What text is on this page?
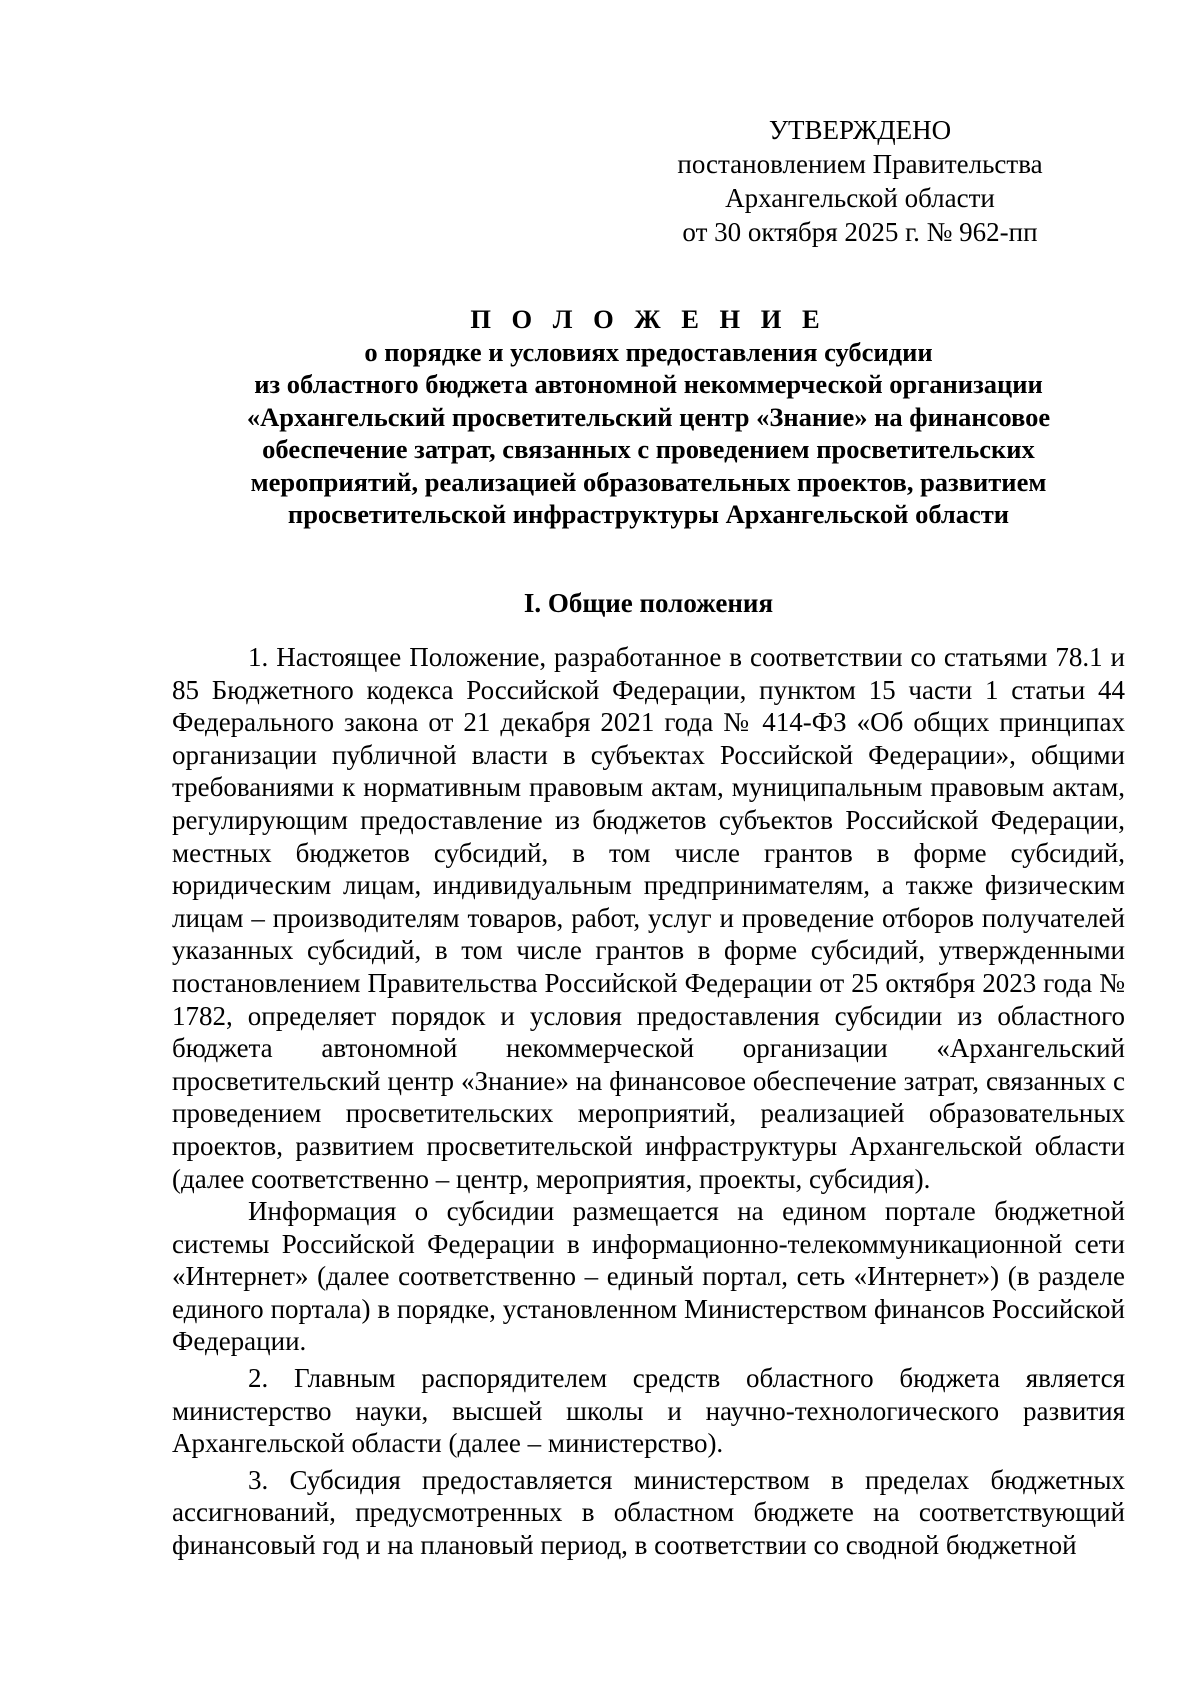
УТВЕРЖДЕНО
постановлением Правительства
Архангельской области
от 30 октября 2025 г. № 962-пп
П О Л О Ж Е Н И Е
о порядке и условиях предоставления субсидии
из областного бюджета автономной некоммерческой организации
«Архангельский просветительский центр «Знание» на финансовое
обеспечение затрат, связанных с проведением просветительских
мероприятий, реализацией образовательных проектов, развитием
просветительской инфраструктуры Архангельской области
I. Общие положения

1. Настоящее Положение, разработанное в соответствии со статьями 78.1 и 85 Бюджетного кодекса Российской Федерации, пунктом 15 части 1 статьи 44 Федерального закона от 21 декабря 2021 года № 414-ФЗ «Об общих принципах организации публичной власти в субъектах Российской Федерации», общими требованиями к нормативным правовым актам, муниципальным правовым актам, регулирующим предоставление из бюджетов субъектов Российской Федерации, местных бюджетов субсидий, в том числе грантов в форме субсидий, юридическим лицам, индивидуальным предпринимателям, а также физическим лицам – производителям товаров, работ, услуг и проведение отборов получателей указанных субсидий, в том числе грантов в форме субсидий, утвержденными постановлением Правительства Российской Федерации от 25 октября 2023 года № 1782, определяет порядок и условия предоставления субсидии из областного бюджета автономной некоммерческой организации «Архангельский просветительский центр «Знание» на финансовое обеспечение затрат, связанных с проведением просветительских мероприятий, реализацией образовательных проектов, развитием просветительской инфраструктуры Архангельской области (далее соответственно – центр, мероприятия, проекты, субсидия).

Информация о субсидии размещается на едином портале бюджетной системы Российской Федерации в информационно-телекоммуникационной сети «Интернет» (далее соответственно – единый портал, сеть «Интернет») (в разделе единого портала) в порядке, установленном Министерством финансов Российской Федерации.

2. Главным распорядителем средств областного бюджета является министерство науки, высшей школы и научно-технологического развития Архангельской области (далее – министерство).

3. Субсидия предоставляется министерством в пределах бюджетных ассигнований, предусмотренных в областном бюджете на соответствующий финансовый год и на плановый период, в соответствии со сводной бюджетной
